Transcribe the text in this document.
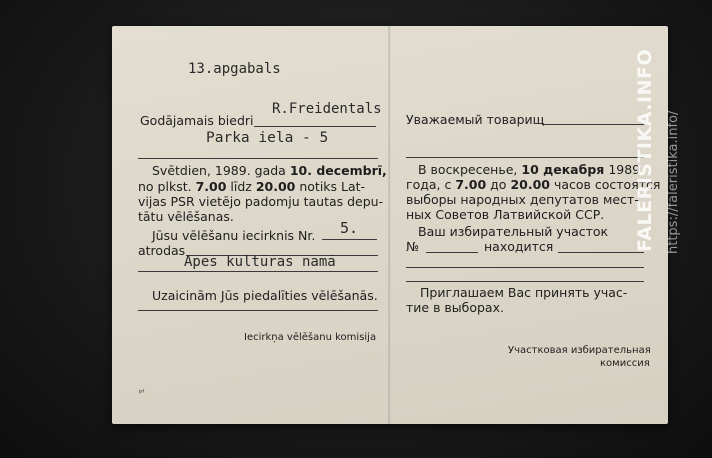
13.apgabals
Godājamais biedri
R.Freidentals
Parka iela - 5
Svētdien, 1989. gada 10. decembrī,
no plkst. 7.00 līdz 20.00 notiks Lat-
vijas PSR vietējo padomju tautas depu-
tātu vēlēšanas.
Jūsu vēlēšanu iecirknis Nr. 5.
atrodas
Apes kultūras namā
Uzaicinām Jūs piedalīties vēlēšanās.
Iecirkņa vēlēšanu komisija
ᵖᶠ
Уважаемый товарищ
В воскресенье, 10 декабря 1989
года, с 7.00 до 20.00 часов состоятся
выборы народных депутатов мест-
ных Советов Латвийской ССР.
Ваш избирательный участок
№	находится
Приглашаем Вас принять учас-
тие в выборах.
Участковая избирательная
комиссия
FALERISTIKA.INFO https://faleristika.info/
